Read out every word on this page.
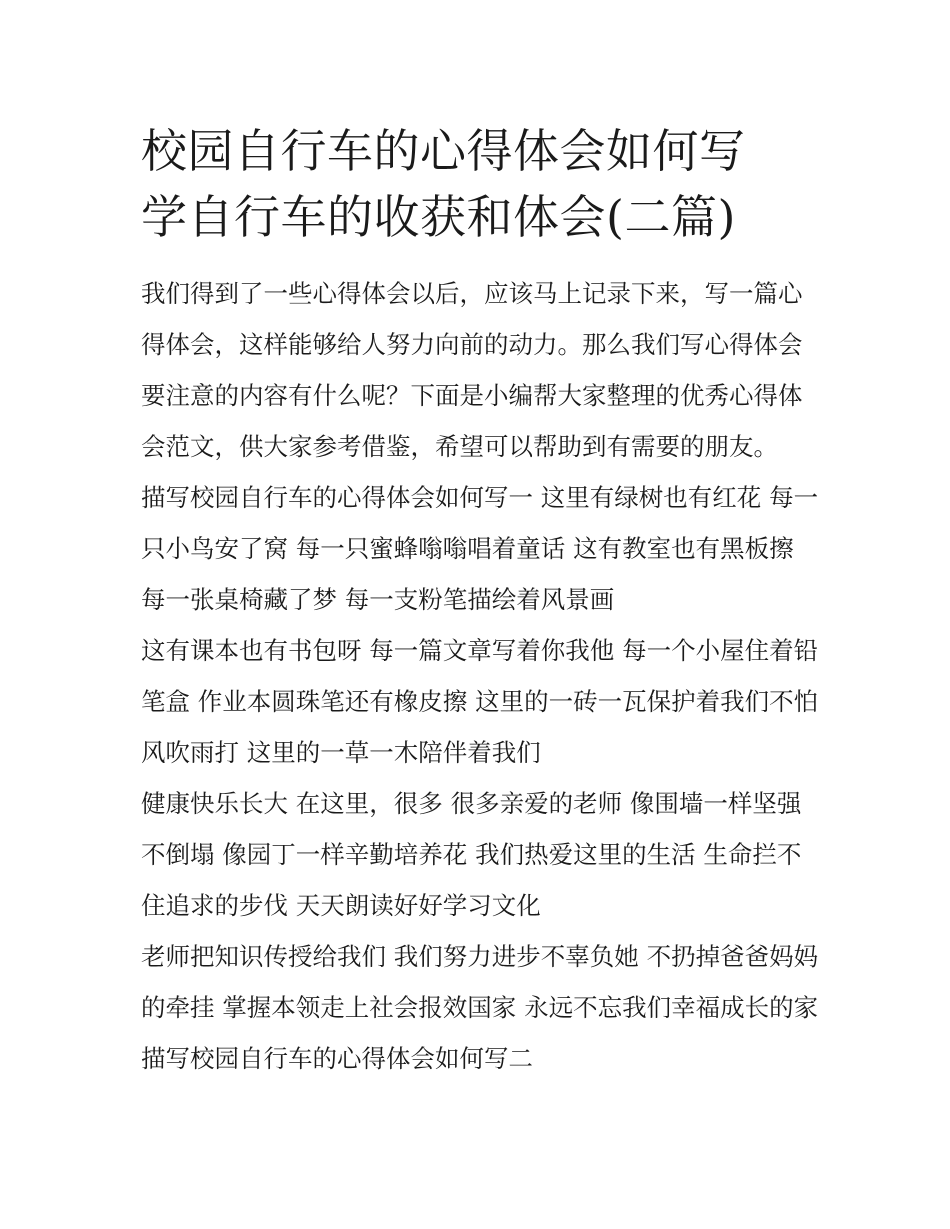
校园自行车的心得体会如何写
学自行车的收获和体会(二篇)

我们得到了一些心得体会以后，应该马上记录下来，写一篇心得体会，这样能够给人努力向前的动力。那么我们写心得体会要注意的内容有什么呢？下面是小编帮大家整理的优秀心得体会范文，供大家参考借鉴，希望可以帮助到有需要的朋友。

描写校园自行车的心得体会如何写一 这里有绿树也有红花 每一只小鸟安了窝 每一只蜜蜂嗡嗡唱着童话 这有教室也有黑板擦 每一张桌椅藏了梦 每一支粉笔描绘着风景画

这有课本也有书包呀 每一篇文章写着你我他 每一个小屋住着铅笔盒 作业本圆珠笔还有橡皮擦 这里的一砖一瓦保护着我们不怕风吹雨打 这里的一草一木陪伴着我们

健康快乐长大 在这里，很多 很多亲爱的老师 像围墙一样坚强不倒塌 像园丁一样辛勤培养花 我们热爱这里的生活 生命拦不住追求的步伐 天天朗读好好学习文化

老师把知识传授给我们 我们努力进步不辜负她 不扔掉爸爸妈妈的牵挂 掌握本领走上社会报效国家 永远不忘我们幸福成长的家 描写校园自行车的心得体会如何写二
